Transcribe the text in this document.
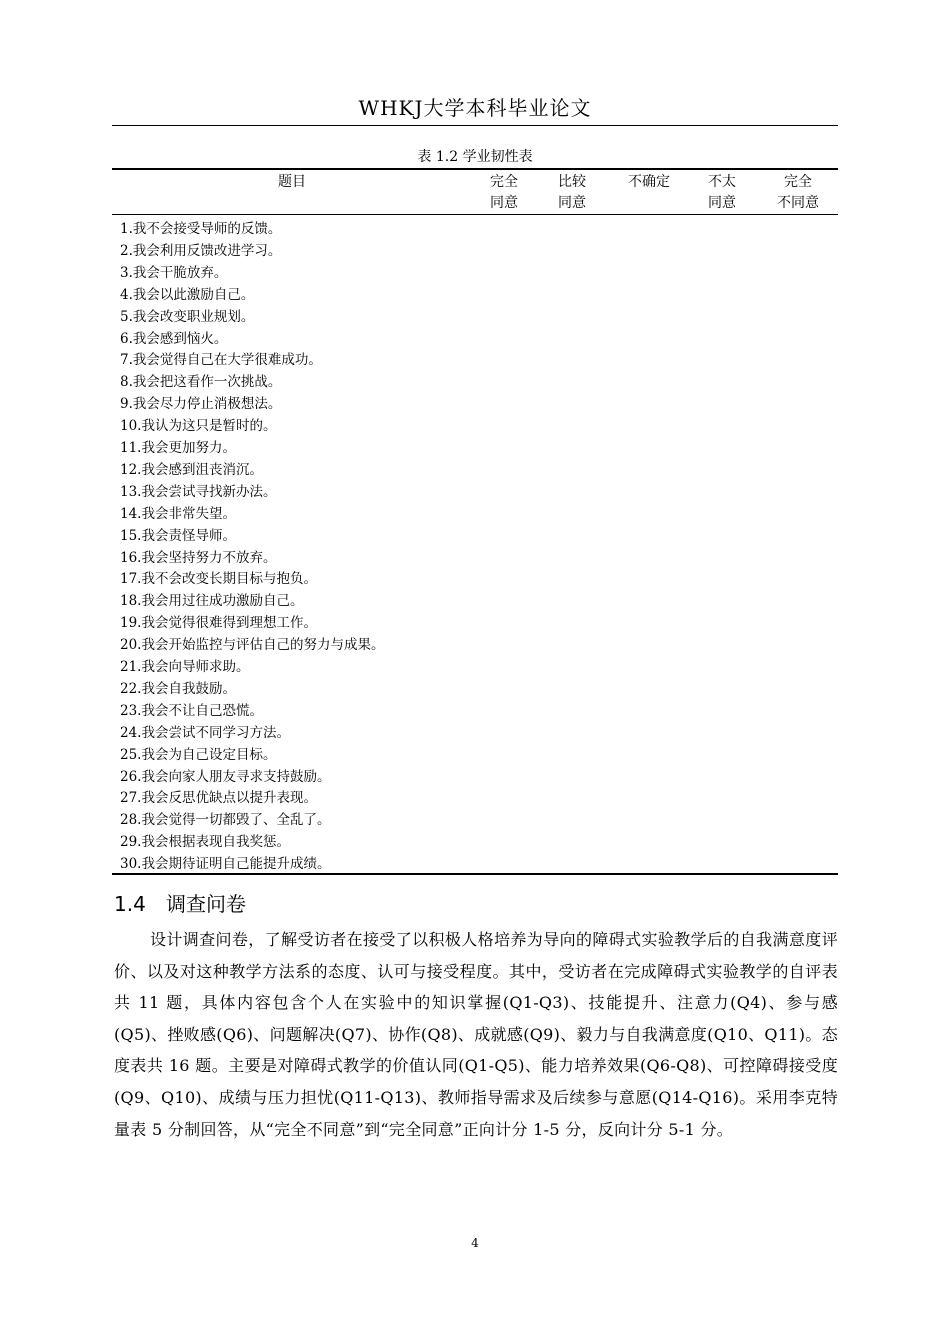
WHKJ大学本科毕业论文
表 1.2 学业韧性表
题目	完全
同意
比较
同意
不确定	不太
同意
完全
不同意
1.我不会接受导师的反馈。
2.我会利用反馈改进学习。
3.我会干脆放弃。
4.我会以此激励自己。
5.我会改变职业规划。
6.我会感到恼火。
7.我会觉得自己在大学很难成功。
8.我会把这看作一次挑战。
9.我会尽力停止消极想法。
10.我认为这只是暂时的。
11.我会更加努力。
12.我会感到沮丧消沉。
13.我会尝试寻找新办法。
14.我会非常失望。
15.我会责怪导师。
16.我会坚持努力不放弃。
17.我不会改变长期目标与抱负。
18.我会用过往成功激励自己。
19.我会觉得很难得到理想工作。
20.我会开始监控与评估自己的努力与成果。
21.我会向导师求助。
22.我会自我鼓励。
23.我会不让自己恐慌。
24.我会尝试不同学习方法。
25.我会为自己设定目标。
26.我会向家人朋友寻求支持鼓励。
27.我会反思优缺点以提升表现。
28.我会觉得一切都毁了、全乱了。
29.我会根据表现自我奖惩。
30.我会期待证明自己能提升成绩。
1.4 调查问卷
设计调查问卷，了解受访者在接受了以积极人格培养为导向的障碍式实验教学后的自我满意度评价、以及对这种教学方法系的态度、认可与接受程度。其中，受访者在完成障碍式实验教学的自评表共 11 题，具体内容包含个人在实验中的知识掌握(Q1-Q3)、技能提升、注意力(Q4)、参与感(Q5)、挫败感(Q6)、问题解决(Q7)、协作(Q8)、成就感(Q9)、毅力与自我满意度(Q10、Q11)。态度表共 16 题。主要是对障碍式教学的价值认同(Q1-Q5)、能力培养效果(Q6-Q8)、可控障碍接受度(Q9、Q10)、成绩与压力担忧(Q11-Q13)、教师指导需求及后续参与意愿(Q14-Q16)。采用李克特量表 5 分制回答，从“完全不同意”到“完全同意”正向计分 1-5 分，反向计分 5-1 分。
4
